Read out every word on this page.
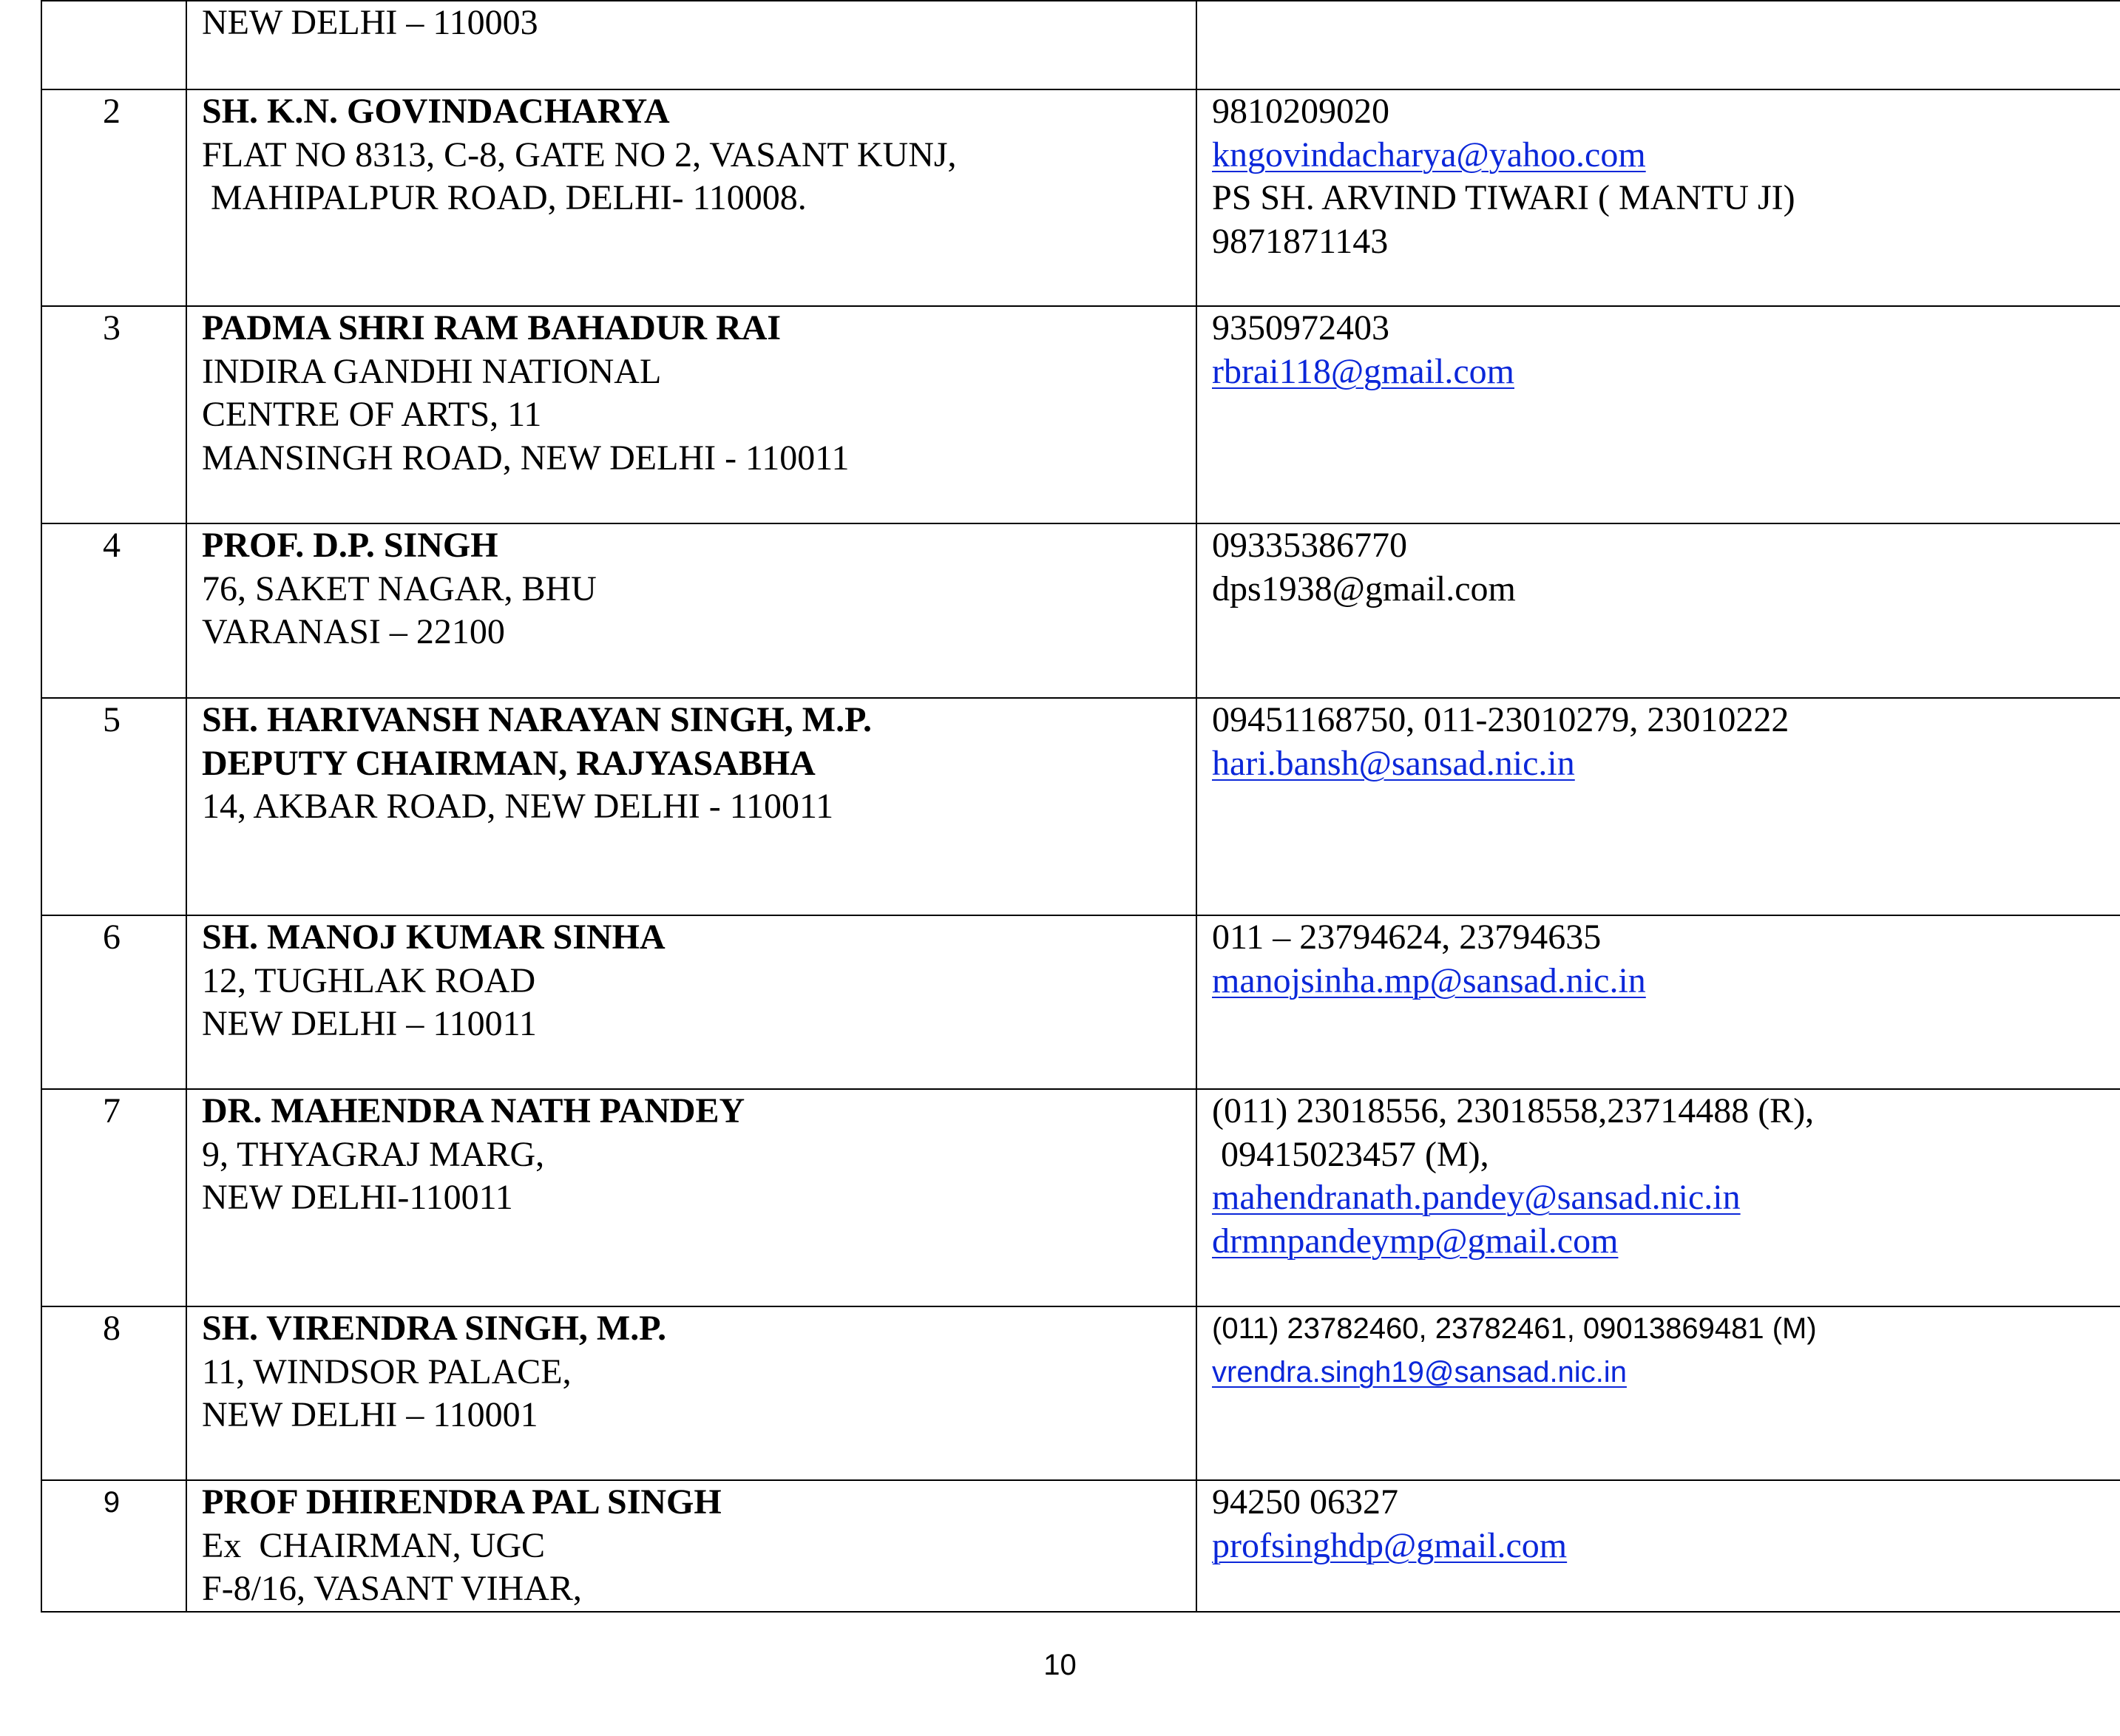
	NEW DELHI – 110003	

2	SH. K.N. GOVINDACHARYA
FLAT NO 8313, C-8, GATE NO 2, VASANT KUNJ,
MAHIPALPUR ROAD, DELHI- 110008.	9810209020
kngovindacharya@yahoo.com
PS SH. ARVIND TIWARI ( MANTU JI)
9871871143

3	PADMA SHRI RAM BAHADUR RAI
INDIRA GANDHI NATIONAL
CENTRE OF ARTS, 11
MANSINGH ROAD, NEW DELHI - 110011	9350972403
rbrai118@gmail.com

4	PROF. D.P. SINGH
76, SAKET NAGAR, BHU
VARANASI – 22100	09335386770
dps1938@gmail.com

5	SH. HARIVANSH NARAYAN SINGH, M.P.
DEPUTY CHAIRMAN, RAJYASABHA
14, AKBAR ROAD, NEW DELHI - 110011	09451168750, 011-23010279, 23010222
hari.bansh@sansad.nic.in

6	SH. MANOJ KUMAR SINHA
12, TUGHLAK ROAD
NEW DELHI – 110011	011 – 23794624, 23794635
manojsinha.mp@sansad.nic.in

7	DR. MAHENDRA NATH PANDEY
9, THYAGRAJ MARG,
NEW DELHI-110011	(011) 23018556, 23018558,23714488 (R),
09415023457 (M),
mahendranath.pandey@sansad.nic.in
drmnpandeymp@gmail.com

8	SH. VIRENDRA SINGH, M.P.
11, WINDSOR PALACE,
NEW DELHI – 110001	(011) 23782460, 23782461, 09013869481 (M)
vrendra.singh19@sansad.nic.in

9	PROF DHIRENDRA PAL SINGH
Ex  CHAIRMAN, UGC
F-8/16, VASANT VIHAR,	94250 06327
profsinghdp@gmail.com
10
